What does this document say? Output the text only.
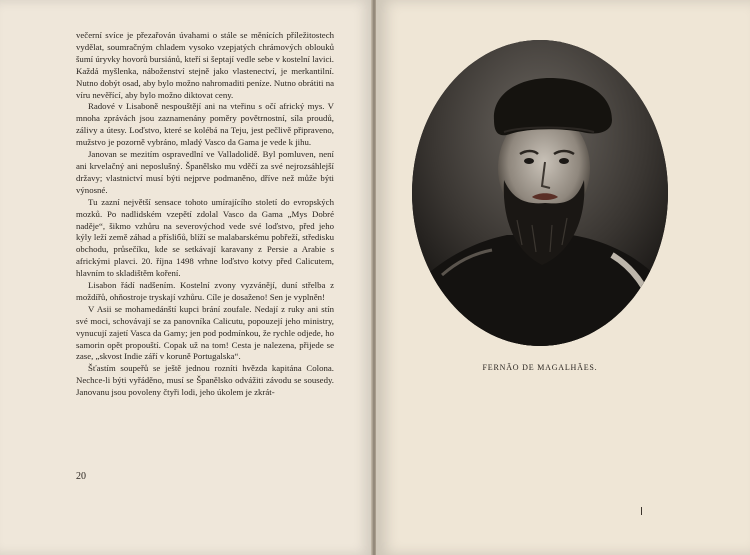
večerní svíce je přezařován úvahami o stále se měnících příležitostech vydělat, soumračným chladem vysoko vzepjatých chrámových oblouků šumí úryvky hovorů bursiánů, kteří si šeptají vedle sebe v kostelní lavici. Každá myšlenka, náboženství stejně jako vlastenectví, je merkantilní. Nutno dobýt osad, aby bylo možno nahromaditi peníze. Nutno obrátiti na víru nevěřící, aby bylo možno diktovat ceny.

Radové v Lisaboně nespouštějí ani na vteřinu s očí africký mys. V mnoha zprávách jsou zaznamenány poměry povětrnostní, síla proudů, zálivy a útesy. Loďstvo, které se kolébá na Teju, jest pečlivě připraveno, mužstvo je pozorně vybráno, mladý Vasco da Gama je vede k jihu.

Janovan se mezitím ospravedlní ve Valladolidě. Byl pomluven, není ani krvelačný ani neposlušný. Španělsko mu vděčí za své nejrozsáhlejší državy; vlastnictví musí býti nejprve podmaněno, dříve než může býti výnosné.

Tu zazní největší sensace tohoto umírajícího století do evropských mozků. Po nadlidském vzepětí zdolal Vasco da Gama „Mys Dobré naděje“, šikmo vzhůru na severovýchod vede své loďstvo, před jeho kýly leží země záhad a přísliбů, blíží se malabarskému pobřeží, středisku obchodu, průsečíku, kde se setkávají karavany z Persie a Arabie s africkými plavci. 20. října 1498 vrhne loďstvo kotvy před Calicutem, hlavním to skladištěm koření.

Lisabon řádí nadšením. Kostelní zvony vyzvánějí, duní střelba z moždířů, ohňostroje tryskají vzhůru. Cíle je dosaženo! Sen je vyplněn!

V Asii se mohamedánští kupci brání zoufale. Nedají z ruky ani stín své moci, schovávají se za panovníka Calicutu, popouzejí jeho ministry, vynucují zajetí Vasca da Gamy; jen pod podmínkou, že rychle odjede, ho samorin opět propouští. Copak už na tom! Cesta je nalezena, přijede se zase, „skvost Indie září v koruně Portugalska“.

Šťastím soupeřů se ještě jednou rozníti hvězda kapitána Colona. Nechce-li býti vyřáděno, musí se Španělsko odvážiti závodu se sousedy. Janovanu jsou povoleny čtyři lodi, jeho úkolem je zkrát-

20
FERNÃO DE MAGALHÃES.
